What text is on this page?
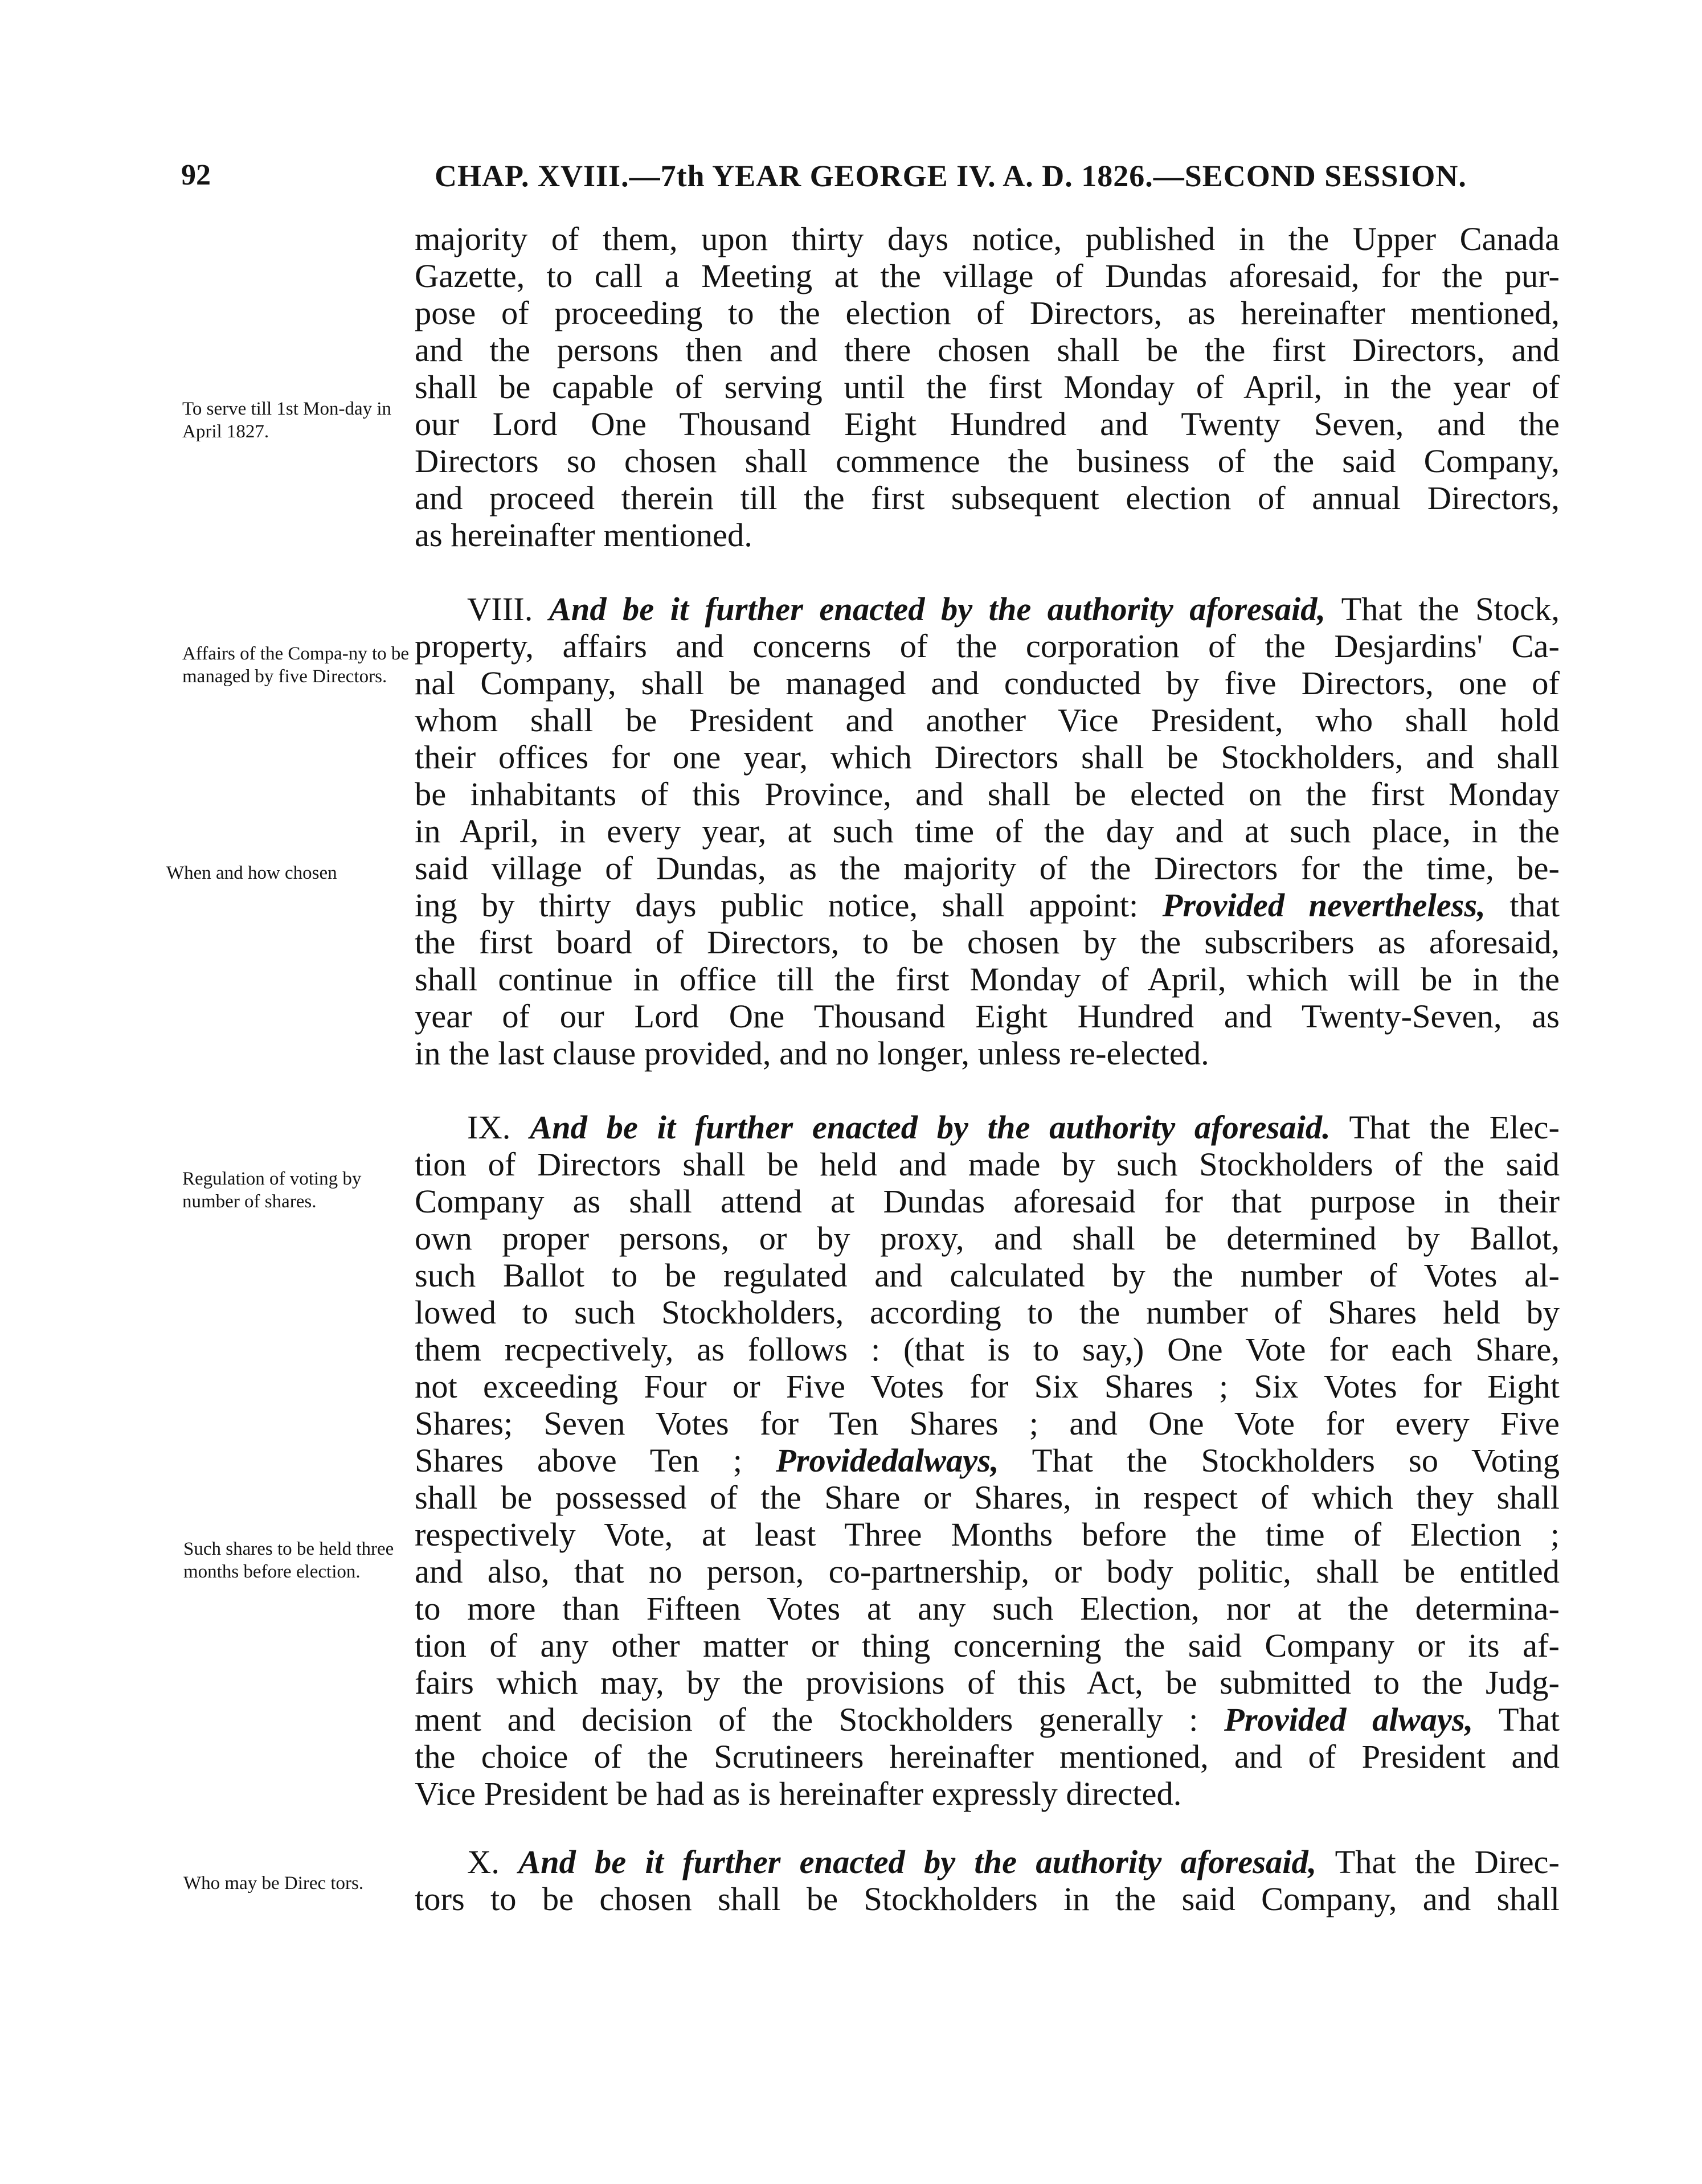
92	CHAP. XVIII.—7th YEAR GEORGE IV. A. D. 1826.—SECOND SESSION.
To serve till 1st Mon-day in April 1827.
Affairs of the Compa-ny to be managed by five Directors.
When and how chosen
Regulation of voting by number of shares.
Such shares to be held three months before election.
Who may be Direc tors.
majority of them, upon thirty days notice, published in the Upper Canada
Gazette, to call a Meeting at the village of Dundas aforesaid, for the pur-
pose of proceeding to the election of Directors, as hereinafter mentioned,
and the persons then and there chosen shall be the first Directors, and
shall be capable of serving until the first Monday of April, in the year of
our Lord One Thousand Eight Hundred and Twenty Seven, and the
Directors so chosen shall commence the business of the said Company,
and proceed therein till the first subsequent election of annual Directors,
as hereinafter mentioned.
VIII. And be it further enacted by the authority aforesaid, That the Stock,
property, affairs and concerns of the corporation of the Desjardins' Ca-
nal Company, shall be managed and conducted by five Directors, one of
whom shall be President and another Vice President, who shall hold
their offices for one year, which Directors shall be Stockholders, and shall
be inhabitants of this Province, and shall be elected on the first Monday
in April, in every year, at such time of the day and at such place, in the
said village of Dundas, as the majority of the Directors for the time, be-
ing by thirty days public notice, shall appoint: Provided nevertheless, that
the first board of Directors, to be chosen by the subscribers as aforesaid,
shall continue in office till the first Monday of April, which will be in the
year of our Lord One Thousand Eight Hundred and Twenty-Seven, as
in the last clause provided, and no longer, unless re-elected.
IX. And be it further enacted by the authority aforesaid. That the Elec-
tion of Directors shall be held and made by such Stockholders of the said
Company as shall attend at Dundas aforesaid for that purpose in their
own proper persons, or by proxy, and shall be determined by Ballot,
such Ballot to be regulated and calculated by the number of Votes al-
lowed to such Stockholders, according to the number of Shares held by
them recpectively, as follows : (that is to say,) One Vote for each Share,
not exceeding Four or Five Votes for Six Shares ; Six Votes for Eight
Shares; Seven Votes for Ten Shares ; and One Vote for every Five
Shares above Ten ; Providedalways, That the Stockholders so Voting
shall be possessed of the Share or Shares, in respect of which they shall
respectively Vote, at least Three Months before the time of Election ;
and also, that no person, co-partnership, or body politic, shall be entitled
to more than Fifteen Votes at any such Election, nor at the determina-
tion of any other matter or thing concerning the said Company or its af-
fairs which may, by the provisions of this Act, be submitted to the Judg-
ment and decision of the Stockholders generally : Provided always, That
the choice of the Scrutineers hereinafter mentioned, and of President and
Vice President be had as is hereinafter expressly directed.
X. And be it further enacted by the authority aforesaid, That the Direc-
tors to be chosen shall be Stockholders in the said Company, and shall
